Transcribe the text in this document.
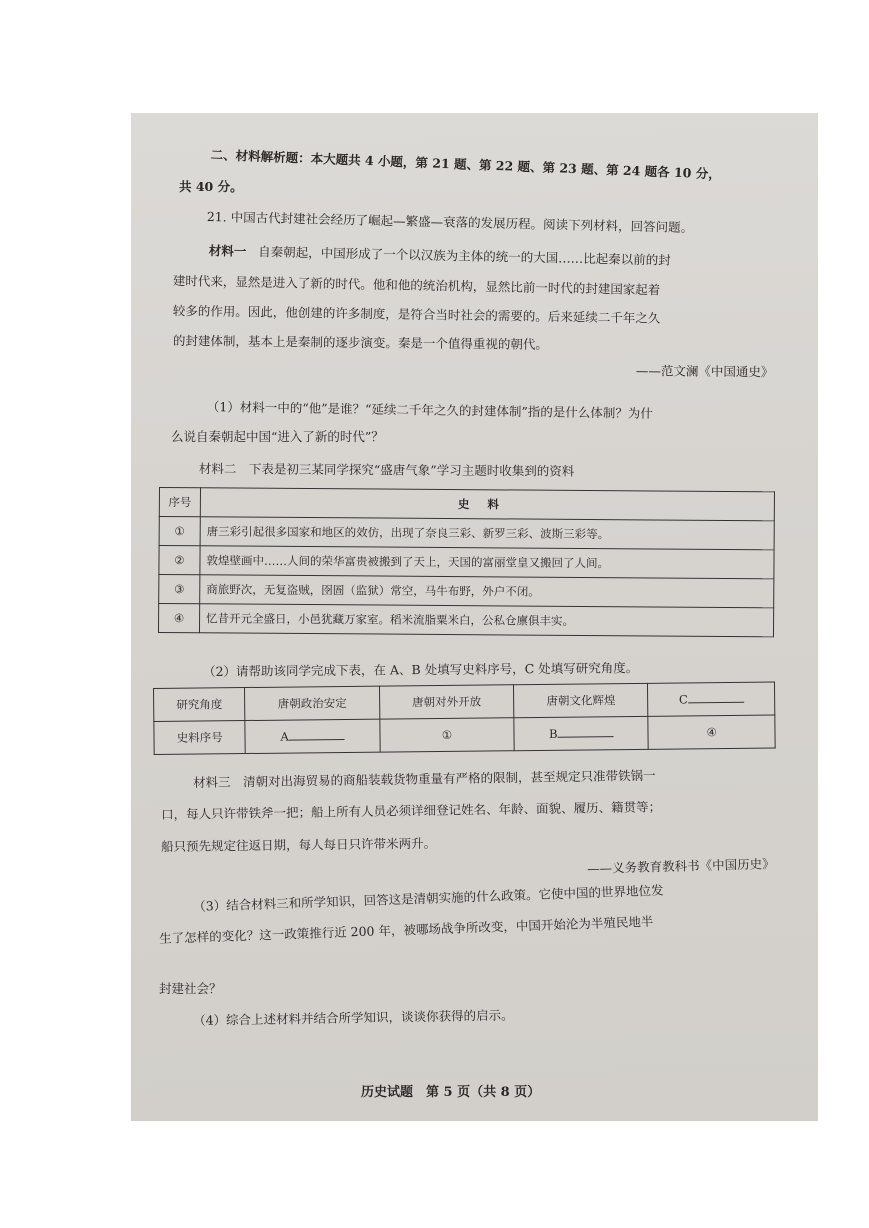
二、材料解析题：本大题共 4 小题，第 21 题、第 22 题、第 23 题、第 24 题各 10 分，
共 40 分。
21. 中国古代封建社会经历了崛起—繁盛—衰落的发展历程。阅读下列材料，回答问题。
材料一 自秦朝起，中国形成了一个以汉族为主体的统一的大国……比起秦以前的封
建时代来，显然是进入了新的时代。他和他的统治机构，显然比前一时代的封建国家起着
较多的作用。因此，他创建的许多制度，是符合当时社会的需要的。后来延续二千年之久
的封建体制，基本上是秦制的逐步演变。秦是一个值得重视的朝代。
——范文澜《中国通史》
（1）材料一中的“他”是谁？“延续二千年之久的封建体制”指的是什么体制？为什
么说自秦朝起中国“进入了新的时代”？
材料二　下表是初三某同学探究“盛唐气象”学习主题时收集到的资料
序号	史料
①	唐三彩引起很多国家和地区的效仿，出现了奈良三彩、新罗三彩、波斯三彩等。
②	敦煌壁画中……人间的荣华富贵被搬到了天上，天国的富丽堂皇又搬回了人间。
③	商旅野次，无复盗贼，囹圄（监狱）常空，马牛布野，外户不闭。
④	忆昔开元全盛日，小邑犹藏万家室。稻米流脂粟米白，公私仓廪俱丰实。
（2）请帮助该同学完成下表，在 A、B 处填写史料序号，C 处填写研究角度。
研究角度	唐朝政治安定	唐朝对外开放	唐朝文化辉煌	C
史料序号	A	①	B	④
材料三　清朝对出海贸易的商船装载货物重量有严格的限制，甚至规定只准带铁锅一
口，每人只许带铁斧一把；船上所有人员必须详细登记姓名、年龄、面貌、履历、籍贯等；
船只预先规定往返日期，每人每日只许带米两升。
——义务教育教科书《中国历史》
（3）结合材料三和所学知识，回答这是清朝实施的什么政策。它使中国的世界地位发
生了怎样的变化？这一政策推行近 200 年，被哪场战争所改变，中国开始沦为半殖民地半
封建社会？
（4）综合上述材料并结合所学知识，谈谈你获得的启示。
历史试题　第 5 页（共 8 页）
